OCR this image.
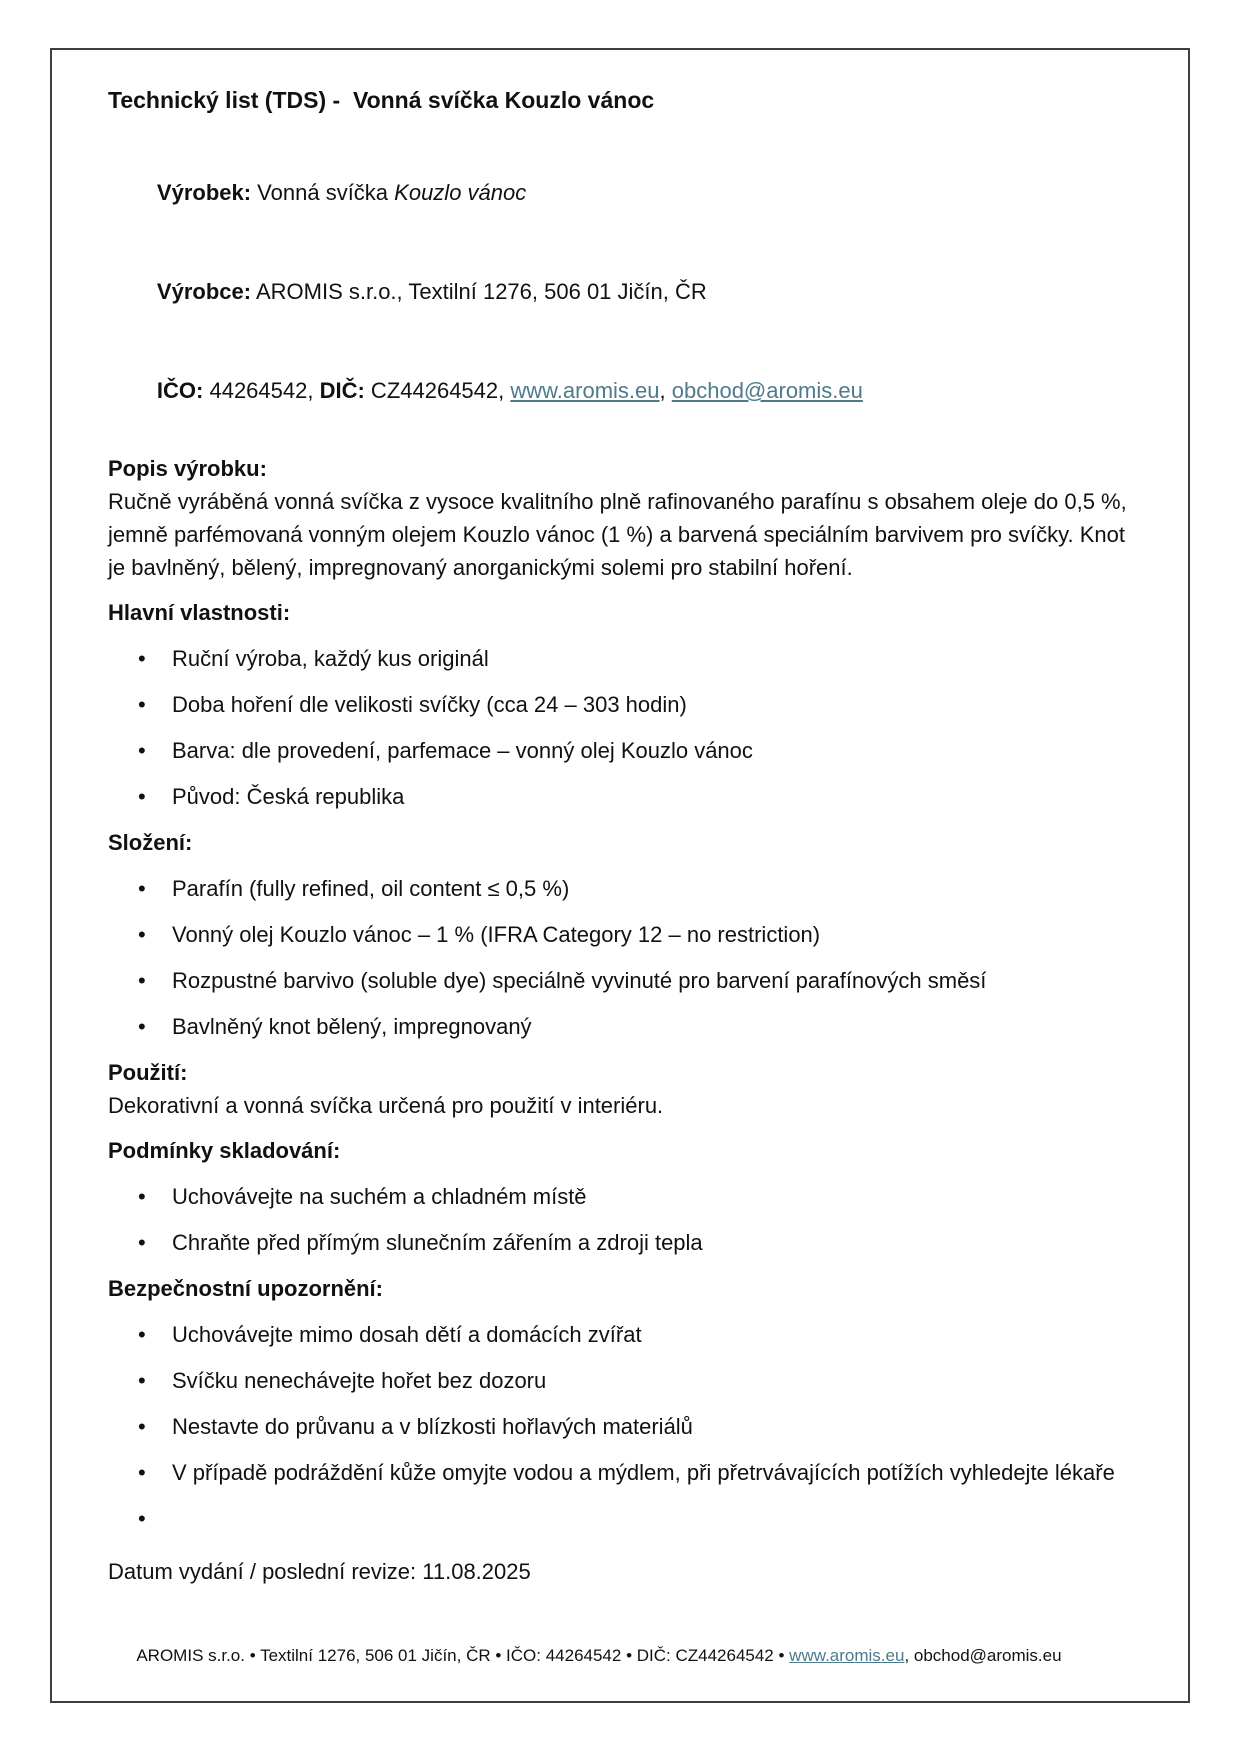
Technický list (TDS) -  Vonná svíčka Kouzlo vánoc

Výrobek: Vonná svíčka Kouzlo vánoc

Výrobce: AROMIS s.r.o., Textilní 1276, 506 01 Jičín, ČR

IČO: 44264542, DIČ: CZ44264542, www.aromis.eu, obchod@aromis.eu

Popis výrobku:

Ručně vyráběná vonná svíčka z vysoce kvalitního plně rafinovaného parafínu s obsahem oleje do 0,5 %, jemně parfémovaná vonným olejem Kouzlo vánoc (1 %) a barvená speciálním barvivem pro svíčky. Knot je bavlněný, bělený, impregnovaný anorganickými solemi pro stabilní hoření.

Hlavní vlastnosti:
• Ruční výroba, každý kus originál
• Doba hoření dle velikosti svíčky (cca 24 – 303 hodin)
• Barva: dle provedení, parfemace – vonný olej Kouzlo vánoc
• Původ: Česká republika
Složení:
• Parafín (fully refined, oil content ≤ 0,5 %)
• Vonný olej Kouzlo vánoc – 1 % (IFRA Category 12 – no restriction)
• Rozpustné barvivo (soluble dye) speciálně vyvinuté pro barvení parafínových směsí
• Bavlněný knot bělený, impregnovaný
Použití:

Dekorativní a vonná svíčka určená pro použití v interiéru.

Podmínky skladování:
• Uchovávejte na suchém a chladném místě
• Chraňte před přímým slunečním zářením a zdroji tepla
Bezpečnostní upozornění:
• Uchovávejte mimo dosah dětí a domácích zvířat
• Svíčku nenechávejte hořet bez dozoru
• Nestavte do průvanu a v blízkosti hořlavých materiálů
• V případě podráždění kůže omyjte vodou a mýdlem, při přetrvávajících potížích vyhledejte lékaře
•

Datum vydání / poslední revize: 11.08.2025

AROMIS s.r.o. • Textilní 1276, 506 01 Jičín, ČR • IČO: 44264542 • DIČ: CZ44264542 • www.aromis.eu, obchod@aromis.eu
